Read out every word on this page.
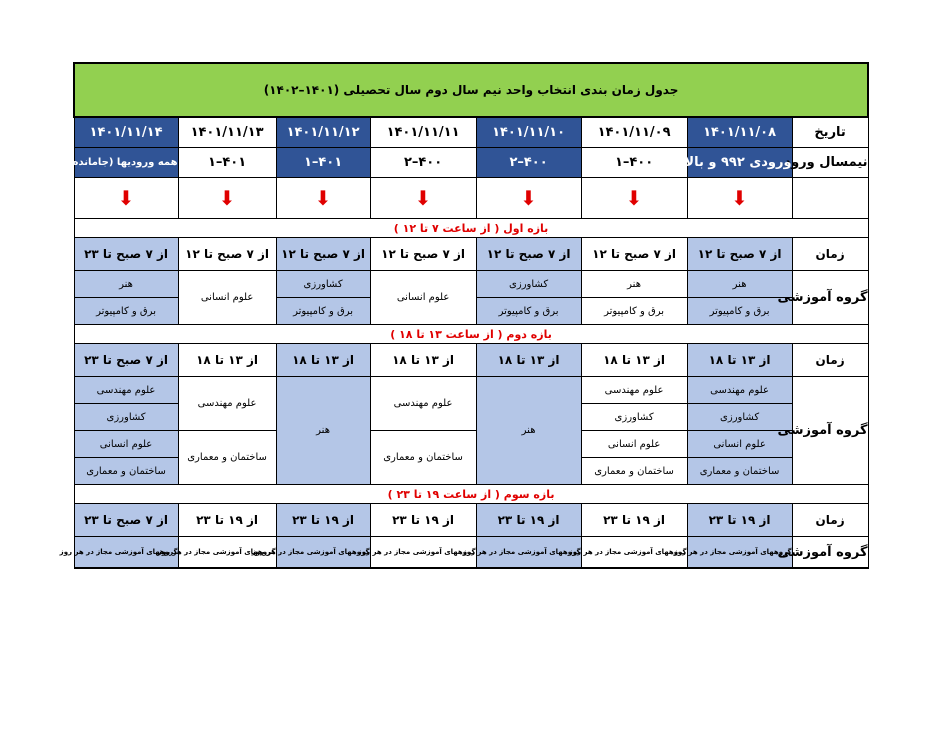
جدول زمان بندی انتخاب واحد نیم سال دوم سال تحصیلی (۱۴۰۱–۱۴۰۲)							
تاریخ	۱۴۰۱/۱۱/۰۸	۱۴۰۱/۱۱/۰۹	۱۴۰۱/۱۱/۱۰	۱۴۰۱/۱۱/۱۱	۱۴۰۱/۱۱/۱۲	۱۴۰۱/۱۱/۱۳	۱۴۰۱/۱۱/۱۴
نیمسال ورود	ورودی ۹۹۲ و بالاتر	۴۰۰–۱	۴۰۰–۲	۴۰۰–۲	۴۰۱–۱	۴۰۱–۱	همه ورودیها (جامانده)
	⬇	⬇	⬇	⬇	⬇	⬇	⬇
بازه اول ( از ساعت ۷ تا ۱۲ )							
زمان	از ۷ صبح تا ۱۲	از ۷ صبح تا ۱۲	از ۷ صبح تا ۱۲	از ۷ صبح تا ۱۲	از ۷ صبح تا ۱۲	از ۷ صبح تا ۱۲	از ۷ صبح تا ۲۳
گروه آموزشی	هنر	هنر	کشاورزی	علوم انسانی	کشاورزی	علوم انسانی	هنر
	برق و کامپیوتر	برق و کامپیوتر	برق و کامپیوتر		برق و کامپیوتر		برق و کامپیوتر
بازه دوم ( از ساعت ۱۳ تا ۱۸ )							
زمان	از ۱۳ تا ۱۸	از ۱۳ تا ۱۸	از ۱۳ تا ۱۸	از ۱۳ تا ۱۸	از ۱۳ تا ۱۸	از ۱۳ تا ۱۸	از ۷ صبح تا ۲۳
گروه آموزشی	علوم مهندسی	علوم مهندسی	هنر	علوم مهندسی	هنر	علوم مهندسی	علوم مهندسی
	کشاورزی	کشاورزی					کشاورزی
	علوم انسانی	علوم انسانی		ساختمان و معماری		ساختمان و معماری	علوم انسانی
	ساختمان و معماری	ساختمان و معماری					ساختمان و معماری
بازه سوم ( از ساعت ۱۹ تا ۲۳ )							
زمان	از ۱۹ تا ۲۳	از ۱۹ تا ۲۳	از ۱۹ تا ۲۳	از ۱۹ تا ۲۳	از ۱۹ تا ۲۳	از ۱۹ تا ۲۳	از ۷ صبح تا ۲۳
گروه آموزشی	گروههای آموزشی مجاز در هر روز	گروههای آموزشی مجاز در هر روز	گروههای آموزشی مجاز در هر روز	گروههای آموزشی مجاز در هر روز	گروههای آموزشی مجاز در هر روز	گروههای آموزشی مجاز در هر روز	گروههای آموزشی مجاز در هر روز
